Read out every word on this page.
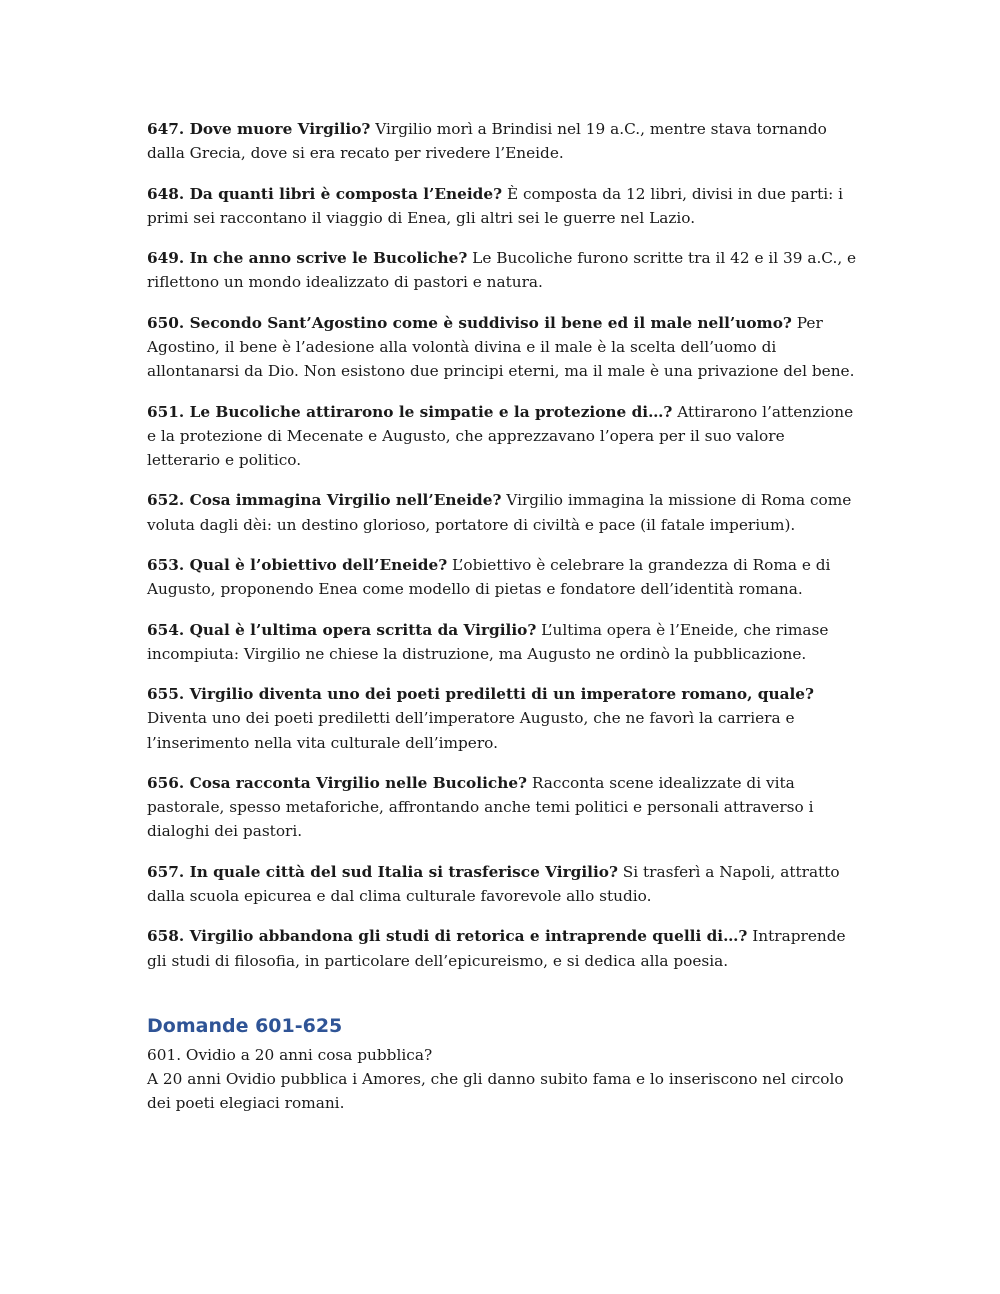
647. Dove muore Virgilio? Virgilio morì a Brindisi nel 19 a.C., mentre stava tornando dalla Grecia, dove si era recato per rivedere l’Eneide.

648. Da quanti libri è composta l’Eneide? È composta da 12 libri, divisi in due parti: i primi sei raccontano il viaggio di Enea, gli altri sei le guerre nel Lazio.

649. In che anno scrive le Bucoliche? Le Bucoliche furono scritte tra il 42 e il 39 a.C., e riflettono un mondo idealizzato di pastori e natura.

650. Secondo Sant’Agostino come è suddiviso il bene ed il male nell’uomo? Per Agostino, il bene è l’adesione alla volontà divina e il male è la scelta dell’uomo di allontanarsi da Dio. Non esistono due principi eterni, ma il male è una privazione del bene.

651. Le Bucoliche attirarono le simpatie e la protezione di…? Attirarono l’attenzione e la protezione di Mecenate e Augusto, che apprezzavano l’opera per il suo valore letterario e politico.

652. Cosa immagina Virgilio nell’Eneide? Virgilio immagina la missione di Roma come voluta dagli dèi: un destino glorioso, portatore di civiltà e pace (il fatale imperium).

653. Qual è l’obiettivo dell’Eneide? L’obiettivo è celebrare la grandezza di Roma e di Augusto, proponendo Enea come modello di pietas e fondatore dell’identità romana.

654. Qual è l’ultima opera scritta da Virgilio? L’ultima opera è l’Eneide, che rimase incompiuta: Virgilio ne chiese la distruzione, ma Augusto ne ordinò la pubblicazione.

655. Virgilio diventa uno dei poeti prediletti di un imperatore romano, quale? Diventa uno dei poeti prediletti dell’imperatore Augusto, che ne favorì la carriera e l’inserimento nella vita culturale dell’impero.

656. Cosa racconta Virgilio nelle Bucoliche? Racconta scene idealizzate di vita pastorale, spesso metaforiche, affrontando anche temi politici e personali attraverso i dialoghi dei pastori.

657. In quale città del sud Italia si trasferisce Virgilio? Si trasferì a Napoli, attratto dalla scuola epicurea e dal clima culturale favorevole allo studio.

658. Virgilio abbandona gli studi di retorica e intraprende quelli di…? Intraprende gli studi di filosofia, in particolare dell’epicureismo, e si dedica alla poesia.

Domande 601-625

601. Ovidio a 20 anni cosa pubblica?

A 20 anni Ovidio pubblica i Amores, che gli danno subito fama e lo inseriscono nel circolo dei poeti elegiaci romani.
